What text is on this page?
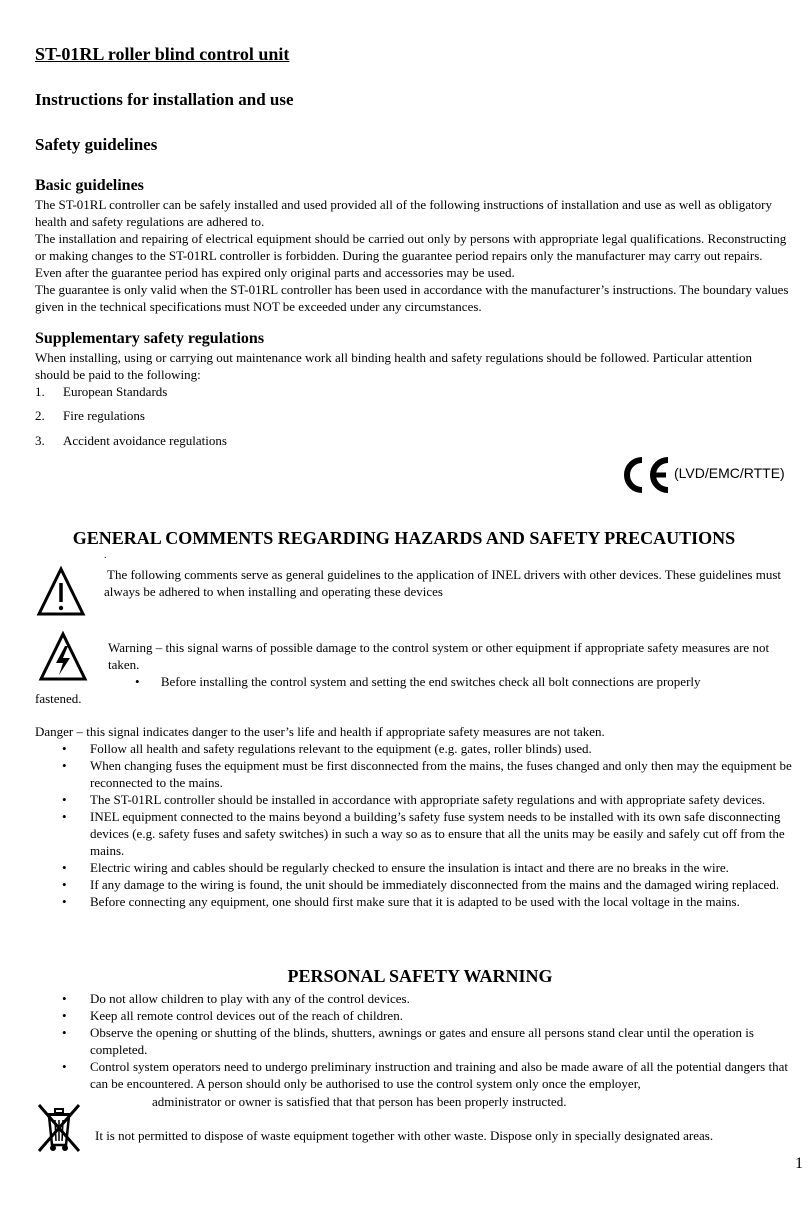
ST-01RL roller blind control unit
Instructions for installation and use
Safety guidelines
Basic guidelines
The ST-01RL controller can be safely installed and used provided all of the following instructions of installation and use as well as obligatory health and safety regulations are adhered to.
The installation and repairing of electrical equipment should be carried out only by persons with appropriate legal qualifications. Reconstructing or making changes to the ST-01RL controller is forbidden. During the guarantee period repairs only the manufacturer may carry out repairs. Even after the guarantee period has expired only original parts and accessories may be used.
The guarantee is only valid when the ST-01RL controller has been used in accordance with the manufacturer’s instructions. The boundary values given in the technical specifications must NOT be exceeded under any circumstances.
Supplementary safety regulations
When installing, using or carrying out maintenance work all binding health and safety regulations should be followed. Particular attention should be paid to the following:
1. European Standards
2. Fire regulations
3. Accident avoidance regulations
(LVD/EMC/RTTE)
GENERAL COMMENTS REGARDING HAZARDS AND SAFETY PRECAUTIONS
.
The following comments serve as general guidelines to the application of INEL drivers with other devices. These guidelines must always be adhered to when installing and operating these devices
Warning – this signal warns of possible damage to the control system or other equipment if appropriate safety measures are not taken.
• Before installing the control system and setting the end switches check all bolt connections are properly
fastened.
Danger – this signal indicates danger to the user’s life and health if appropriate safety measures are not taken.
• Follow all health and safety regulations relevant to the equipment (e.g. gates, roller blinds) used.
• When changing fuses the equipment must be first disconnected from the mains, the fuses changed and only then may the equipment be reconnected to the mains.
• The ST-01RL controller should be installed in accordance with appropriate safety regulations and with appropriate safety devices.
• INEL equipment connected to the mains beyond a building’s safety fuse system needs to be installed with its own safe disconnecting devices (e.g. safety fuses and safety switches) in such a way so as to ensure that all the units may be easily and safely cut off from the mains.
• Electric wiring and cables should be regularly checked to ensure the insulation is intact and there are no breaks in the wire.
• If any damage to the wiring is found, the unit should be immediately disconnected from the mains and the damaged wiring replaced.
• Before connecting any equipment, one should first make sure that it is adapted to be used with the local voltage in the mains.
PERSONAL SAFETY WARNING
• Do not allow children to play with any of the control devices.
• Keep all remote control devices out of the reach of children.
• Observe the opening or shutting of the blinds, shutters, awnings or gates and ensure all persons stand clear until the operation is completed.
• Control system operators need to undergo preliminary instruction and training and also be made aware of all the potential dangers that can be encountered. A person should only be authorised to use the control system only once the employer,
administrator or owner is satisfied that that person has been properly instructed.
It is not permitted to dispose of waste equipment together with other waste. Dispose only in specially designated areas.
1
